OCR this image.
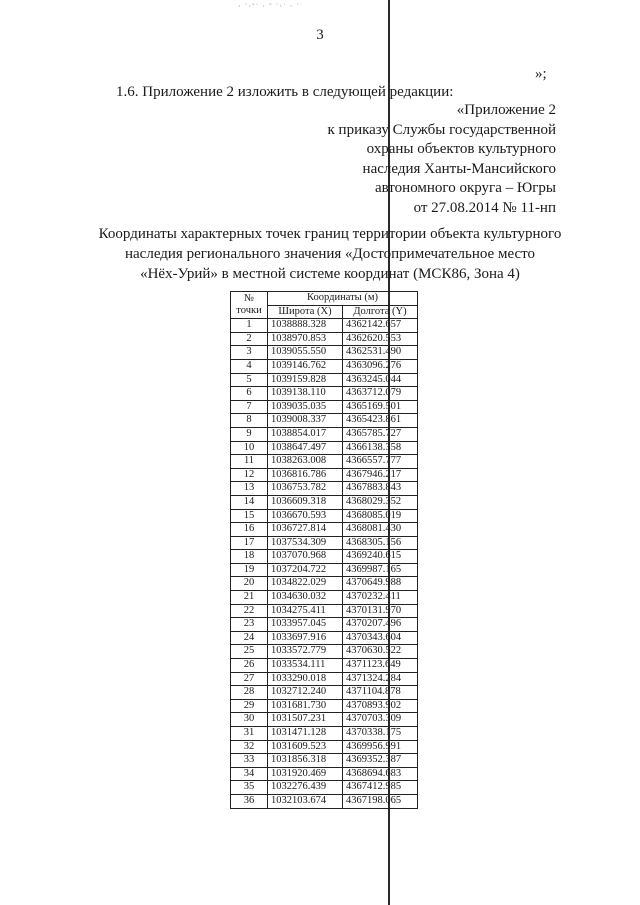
· ˙·˘˙ · ˘ ˙·˙ · ˙
3
»;
1.6. Приложение 2 изложить в следующей редакции:
«Приложение 2
к приказу Службы государственной
охраны объектов культурного
наследия Ханты-Мансийского
автономного округа – Югры
от 27.08.2014 № 11-нп
Координаты характерных точек границ территории объекта культурного
наследия регионального значения «Достопримечательное место
«Нёх-Урий» в местной системе координат (МСК86, Зона 4)
№
точки	Координаты (м)	
	Широта (X)	Долгота (Y)
1	1038888.328	4362142.657
2	1038970.853	4362620.553
3	1039055.550	4362531.490
4	1039146.762	4363096.276
5	1039159.828	4363245.044
6	1039138.110	4363712.079
7	1039035.035	4365169.501
8	1039008.337	4365423.861
9	1038854.017	4365785.727
10	1038647.497	4366138.358
11	1038263.008	4366557.777
12	1036816.786	4367946.217
13	1036753.782	4367883.843
14	1036609.318	4368029.352
15	1036670.593	4368085.019
16	1036727.814	4368081.430
17	1037534.309	4368305.156
18	1037070.968	4369240.615
19	1037204.722	4369987.165
20	1034822.029	4370649.988
21	1034630.032	4370232.411
22	1034275.411	4370131.970
23	1033957.045	4370207.496
24	1033697.916	4370343.604
25	1033572.779	4370630.522
26	1033534.111	4371123.649
27	1033290.018	4371324.284
28	1032712.240	4371104.878
29	1031681.730	4370893.902
30	1031507.231	4370703.309
31	1031471.128	4370338.175
32	1031609.523	4369956.991
33	1031856.318	4369352.387
34	1031920.469	4368694.683
35	1032276.439	4367412.985
36	1032103.674	4367198.065
